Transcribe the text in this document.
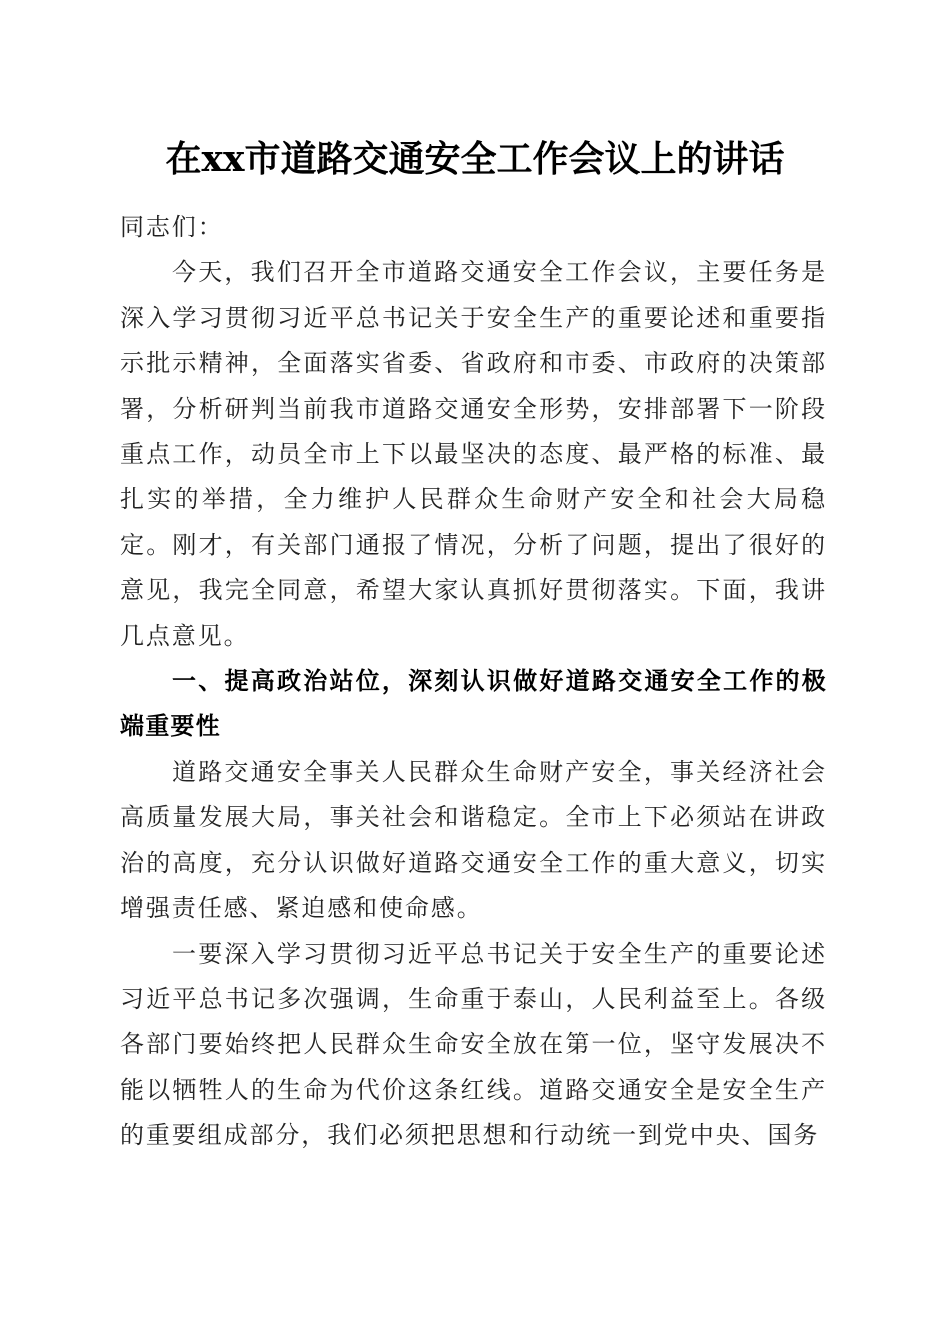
在xx市道路交通安全工作会议上的讲话

同志们：

今天，我们召开全市道路交通安全工作会议，主要任务是深入学习贯彻习近平总书记关于安全生产的重要论述和重要指示批示精神，全面落实省委、省政府和市委、市政府的决策部署，分析研判当前我市道路交通安全形势，安排部署下一阶段重点工作，动员全市上下以最坚决的态度、最严格的标准、最扎实的举措，全力维护人民群众生命财产安全和社会大局稳定。刚才，有关部门通报了情况，分析了问题，提出了很好的意见，我完全同意，希望大家认真抓好贯彻落实。下面，我讲几点意见。

一、提高政治站位，深刻认识做好道路交通安全工作的极端重要性

道路交通安全事关人民群众生命财产安全，事关经济社会高质量发展大局，事关社会和谐稳定。全市上下必须站在讲政治的高度，充分认识做好道路交通安全工作的重大意义，切实增强责任感、紧迫感和使命感。

一要深入学习贯彻习近平总书记关于安全生产的重要论述习近平总书记多次强调，生命重于泰山，人民利益至上。各级各部门要始终把人民群众生命安全放在第一位，坚守发展决不能以牺牲人的生命为代价这条红线。道路交通安全是安全生产的重要组成部分，我们必须把思想和行动统一到党中央、国务
